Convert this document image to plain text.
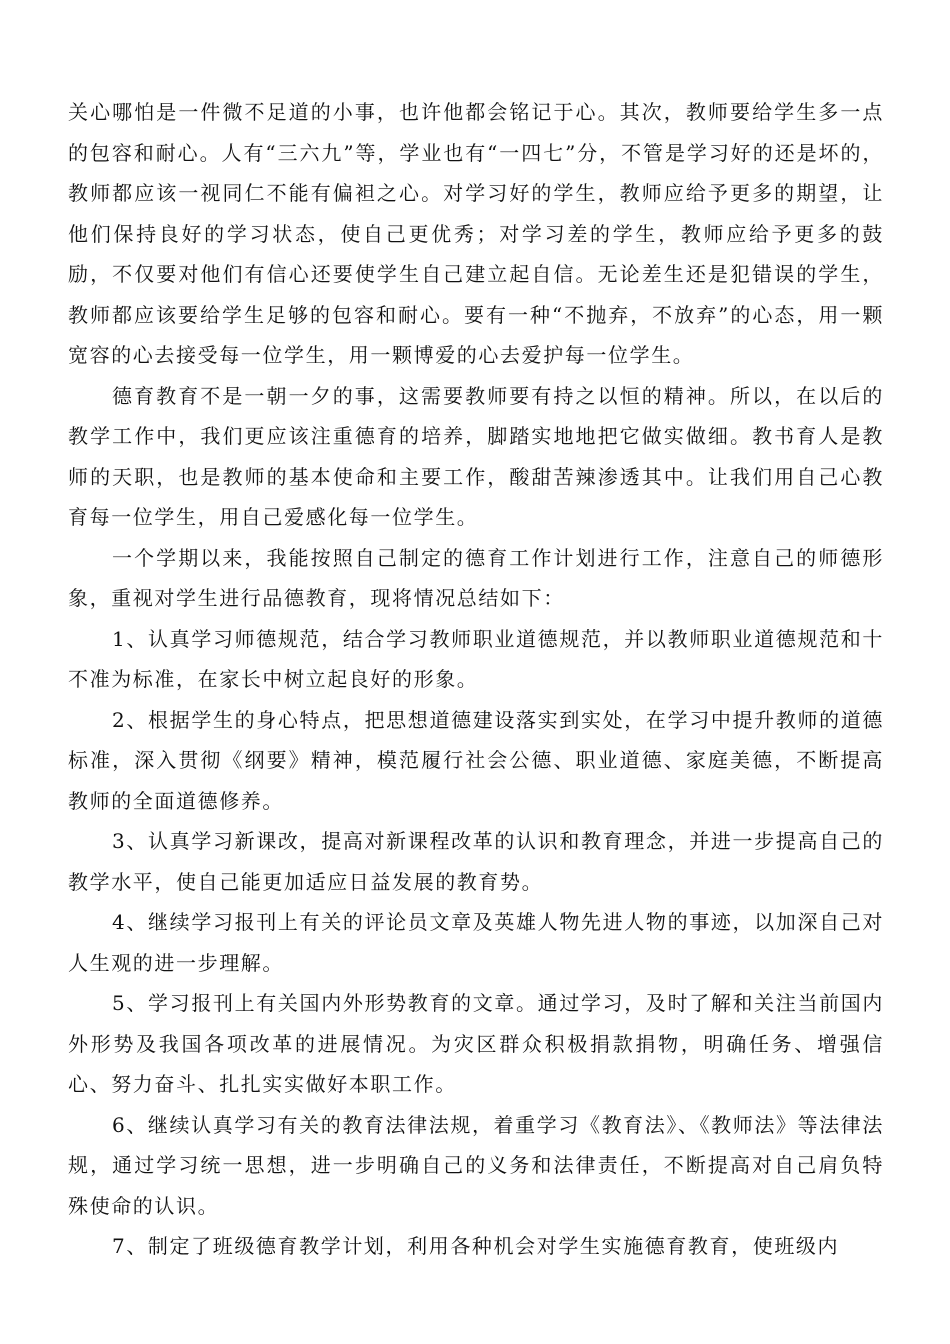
关心哪怕是一件微不足道的小事，也许他都会铭记于心。其次，教师要给学生多一点的包容和耐心。人有“三六九”等，学业也有“一四七”分，不管是学习好的还是坏的，教师都应该一视同仁不能有偏袒之心。对学习好的学生，教师应给予更多的期望，让他们保持良好的学习状态，使自己更优秀；对学习差的学生，教师应给予更多的鼓励，不仅要对他们有信心还要使学生自己建立起自信。无论差生还是犯错误的学生，教师都应该要给学生足够的包容和耐心。要有一种“不抛弃，不放弃”的心态，用一颗宽容的心去接受每一位学生，用一颗博爱的心去爱护每一位学生。

德育教育不是一朝一夕的事，这需要教师要有持之以恒的精神。所以，在以后的教学工作中，我们更应该注重德育的培养，脚踏实地地把它做实做细。教书育人是教师的天职，也是教师的基本使命和主要工作，酸甜苦辣渗透其中。让我们用自己心教育每一位学生，用自己爱感化每一位学生。

一个学期以来，我能按照自己制定的德育工作计划进行工作，注意自己的师德形象，重视对学生进行品德教育，现将情况总结如下：

1、认真学习师德规范，结合学习教师职业道德规范，并以教师职业道德规范和十不准为标准，在家长中树立起良好的形象。

2、根据学生的身心特点，把思想道德建设落实到实处，在学习中提升教师的道德标准，深入贯彻《纲要》精神，模范履行社会公德、职业道德、家庭美德，不断提高教师的全面道德修养。

3、认真学习新课改，提高对新课程改革的认识和教育理念，并进一步提高自己的教学水平，使自己能更加适应日益发展的教育势。

4、继续学习报刊上有关的评论员文章及英雄人物先进人物的事迹，以加深自己对人生观的进一步理解。

5、学习报刊上有关国内外形势教育的文章。通过学习，及时了解和关注当前国内外形势及我国各项改革的进展情况。为灾区群众积极捐款捐物，明确任务、增强信心、努力奋斗、扎扎实实做好本职工作。

6、继续认真学习有关的教育法律法规，着重学习《教育法》、《教师法》等法律法规，通过学习统一思想，进一步明确自己的义务和法律责任，不断提高对自己肩负特殊使命的认识。

7、制定了班级德育教学计划，利用各种机会对学生实施德育教育，使班级内
